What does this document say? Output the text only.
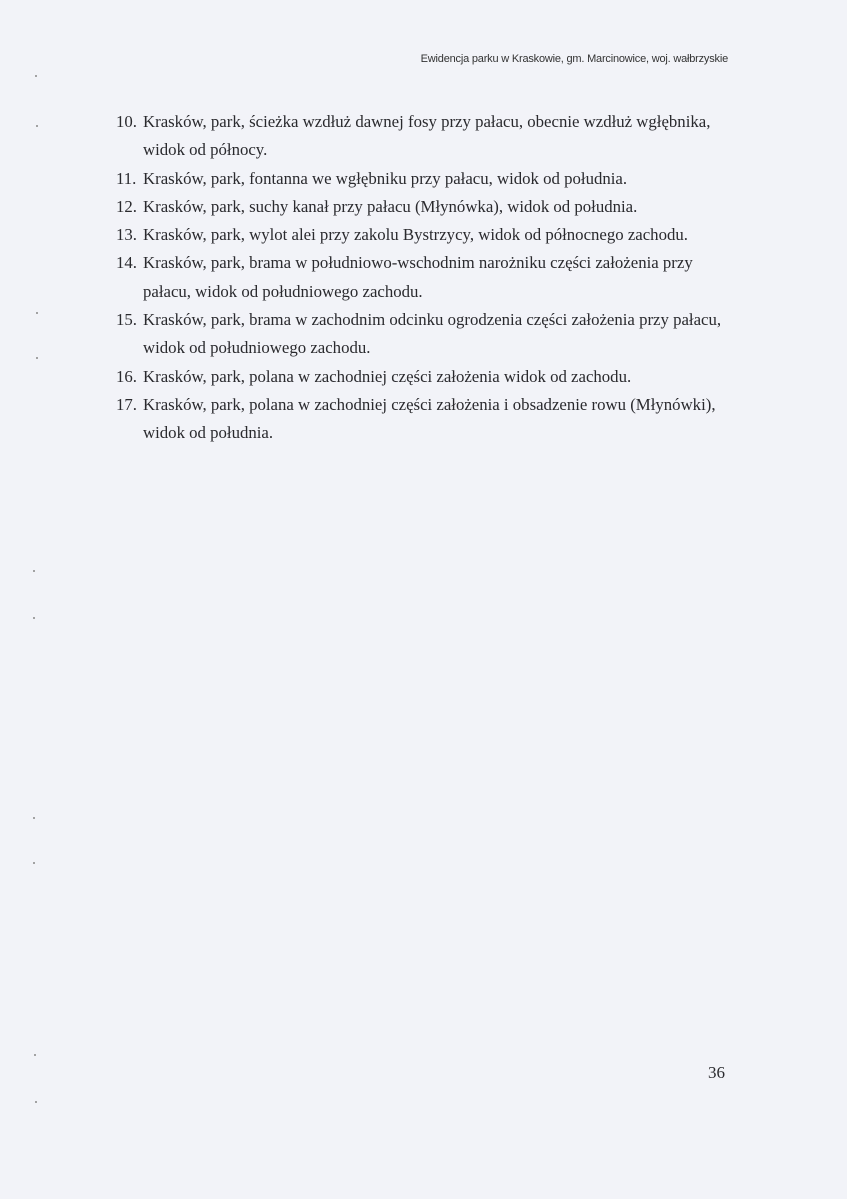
Ewidencja parku w Kraskowie, gm. Marcinowice, woj. wałbrzyskie
10. Krasków, park, ścieżka wzdłuż dawnej fosy przy pałacu, obecnie wzdłuż wgłębnika, widok od północy.
11. Krasków, park, fontanna we wgłębniku przy pałacu, widok od południa.
12. Krasków, park, suchy kanał przy pałacu (Młynówka), widok od południa.
13. Krasków, park, wylot alei przy zakolu Bystrzycy, widok od północnego zachodu.
14. Krasków, park, brama w południowo-wschodnim narożniku części założenia przy pałacu, widok od południowego zachodu.
15. Krasków, park, brama w zachodnim odcinku ogrodzenia części założenia przy pałacu, widok od południowego zachodu.
16. Krasków, park, polana w zachodniej części założenia widok od zachodu.
17. Krasków, park, polana w zachodniej części założenia i obsadzenie rowu (Młynówki), widok od południa.
36
